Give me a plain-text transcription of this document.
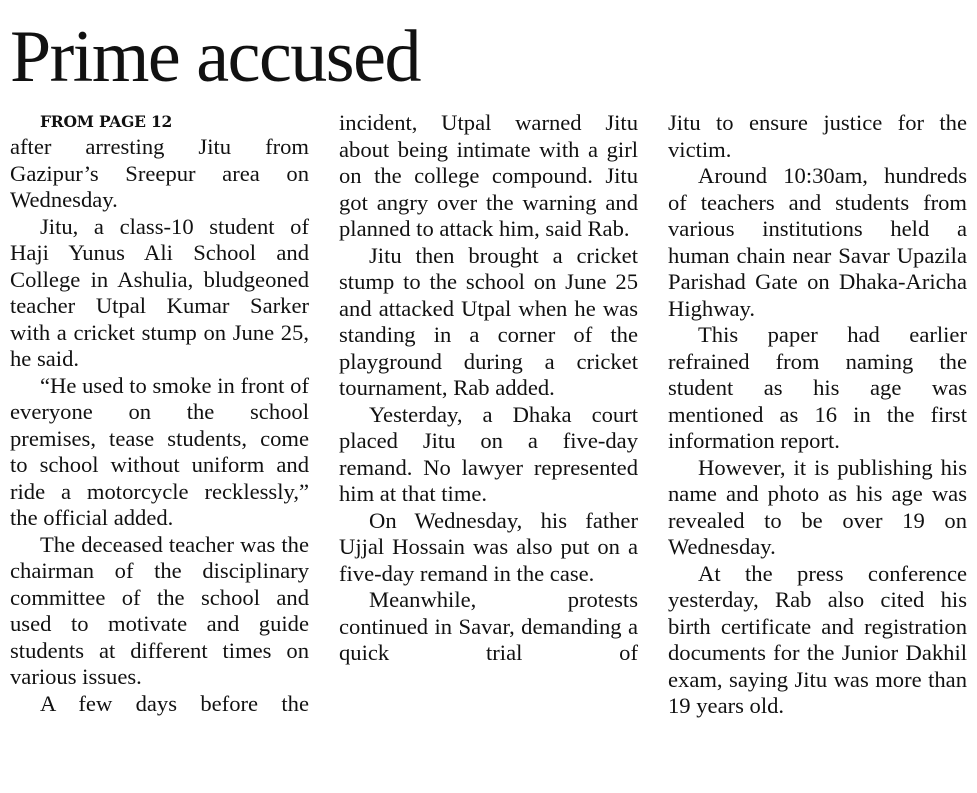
Prime accused

FROM PAGE 12

after arresting Jitu from Gazipur’s Sreepur area on Wednesday.

Jitu, a class-10 student of Haji Yunus Ali School and College in Ashulia, bludgeoned teacher Utpal Kumar Sarker with a cricket stump on June 25, he said.

“He used to smoke in front of everyone on the school premises, tease students, come to school without uniform and ride a motorcycle recklessly,” the official added.

The deceased teacher was the chairman of the disciplinary committee of the school and used to motivate and guide students at different times on various issues.

A few days before the

incident, Utpal warned Jitu about being intimate with a girl on the college compound. Jitu got angry over the warning and planned to attack him, said Rab.

Jitu then brought a cricket stump to the school on June 25 and attacked Utpal when he was standing in a corner of the playground during a cricket tournament, Rab added.

Yesterday, a Dhaka court placed Jitu on a five-day remand. No lawyer represented him at that time.

On Wednesday, his father Ujjal Hossain was also put on a five-day remand in the case.

Meanwhile, protests continued in Savar, demanding a quick trial of

Jitu to ensure justice for the victim.

Around 10:30am, hundreds of teachers and students from various institutions held a human chain near Savar Upazila Parishad Gate on Dhaka-Aricha Highway.

This paper had earlier refrained from naming the student as his age was mentioned as 16 in the first information report.

However, it is publishing his name and photo as his age was revealed to be over 19 on Wednesday.

At the press conference yesterday, Rab also cited his birth certificate and registration documents for the Junior Dakhil exam, saying Jitu was more than 19 years old.
